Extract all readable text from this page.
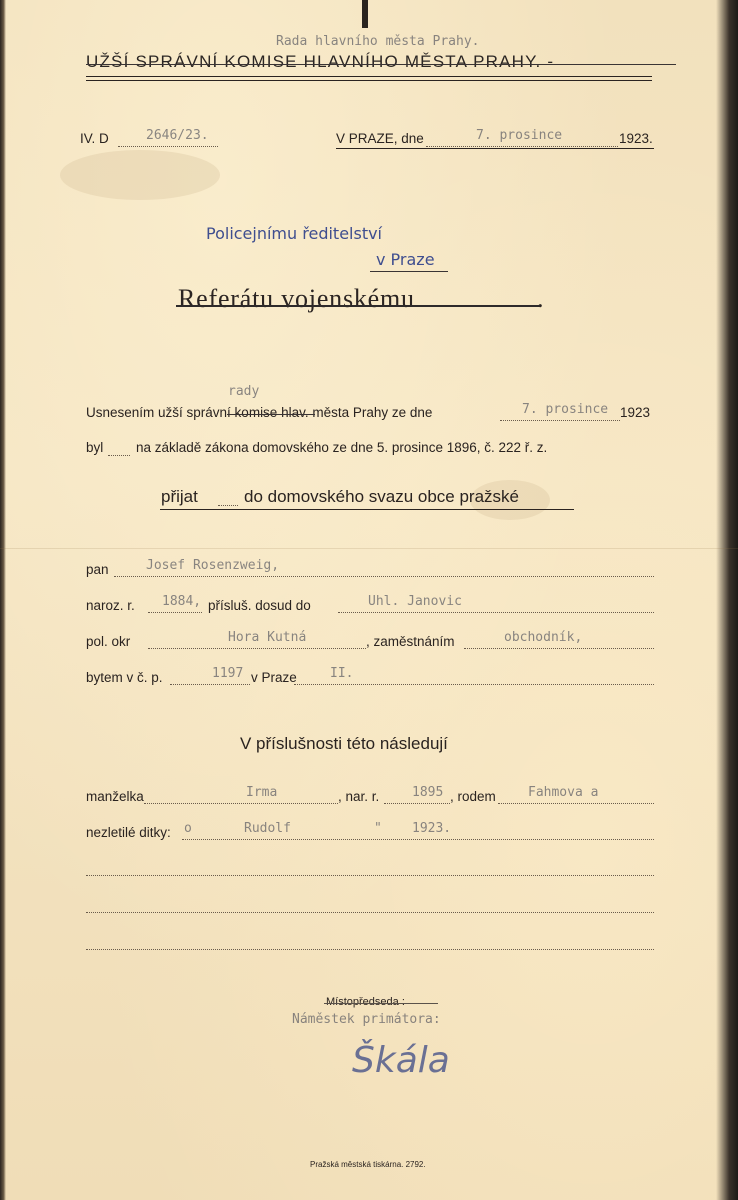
Rada hlavního města Prahy.
UŽŠÍ SPRÁVNÍ KOMISE HLAVNÍHO MĚSTA PRAHY. -
IV. D	2646/23.	V PRAZE, dne	7. prosince	1923.
Policejnímu ředitelství
v Praze
Referátu vojenskému	.
rady
Usnesením užší správní komise hlav. města Prahy ze dne	7. prosince 1923
byl na základě zákona domovského ze dne 5. prosince 1896, č. 222 ř. z.
přijat	do domovského svazu obce pražské
pan	Josef Rosenzweig,
naroz. r. 1884, přísluš. dosud do	Uhl. Janovic
pol. okr	Hora Kutná	, zaměstnáním	obchodník,
bytem v č. p.	1197 v Praze	II.
V příslušnosti této následují
manželka	Irma	, nar. r.	1895 , rodem Fahmova a
nezletilé ditky: o	Rudolf	" 1923.
Místopředseda :
Náměstek primátora:
Škála
Pražská městská tiskárna. 2792.
